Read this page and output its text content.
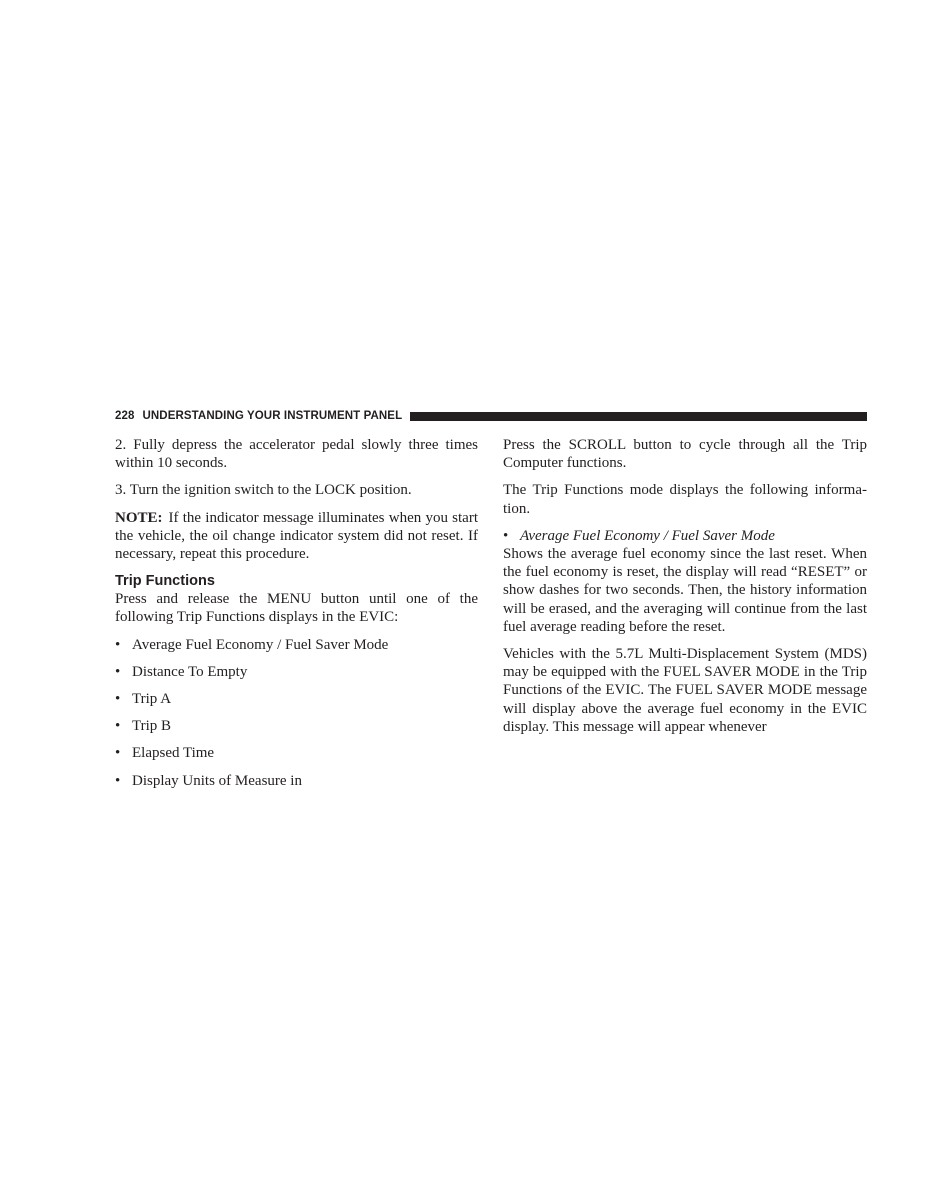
228 UNDERSTANDING YOUR INSTRUMENT PANEL

2. Fully depress the accelerator pedal slowly three times within 10 seconds.

3. Turn the ignition switch to the LOCK position.

NOTE: If the indicator message illuminates when you start the vehicle, the oil change indicator system did not reset. If necessary, repeat this procedure.

Trip Functions

Press and release the MENU button until one of the following Trip Functions displays in the EVIC:

• Average Fuel Economy / Fuel Saver Mode
• Distance To Empty
• Trip A
• Trip B
• Elapsed Time
• Display Units of Measure in

Press the SCROLL button to cycle through all the Trip Computer functions.

The Trip Functions mode displays the following informa-tion.

• Average Fuel Economy / Fuel Saver Mode

Shows the average fuel economy since the last reset. When the fuel economy is reset, the display will read “RESET” or show dashes for two seconds. Then, the history information will be erased, and the averaging will continue from the last fuel average reading before the reset.

Vehicles with the 5.7L Multi-Displacement System (MDS) may be equipped with the FUEL SAVER MODE in the Trip Functions of the EVIC. The FUEL SAVER MODE message will display above the average fuel economy in the EVIC display. This message will appear whenever
